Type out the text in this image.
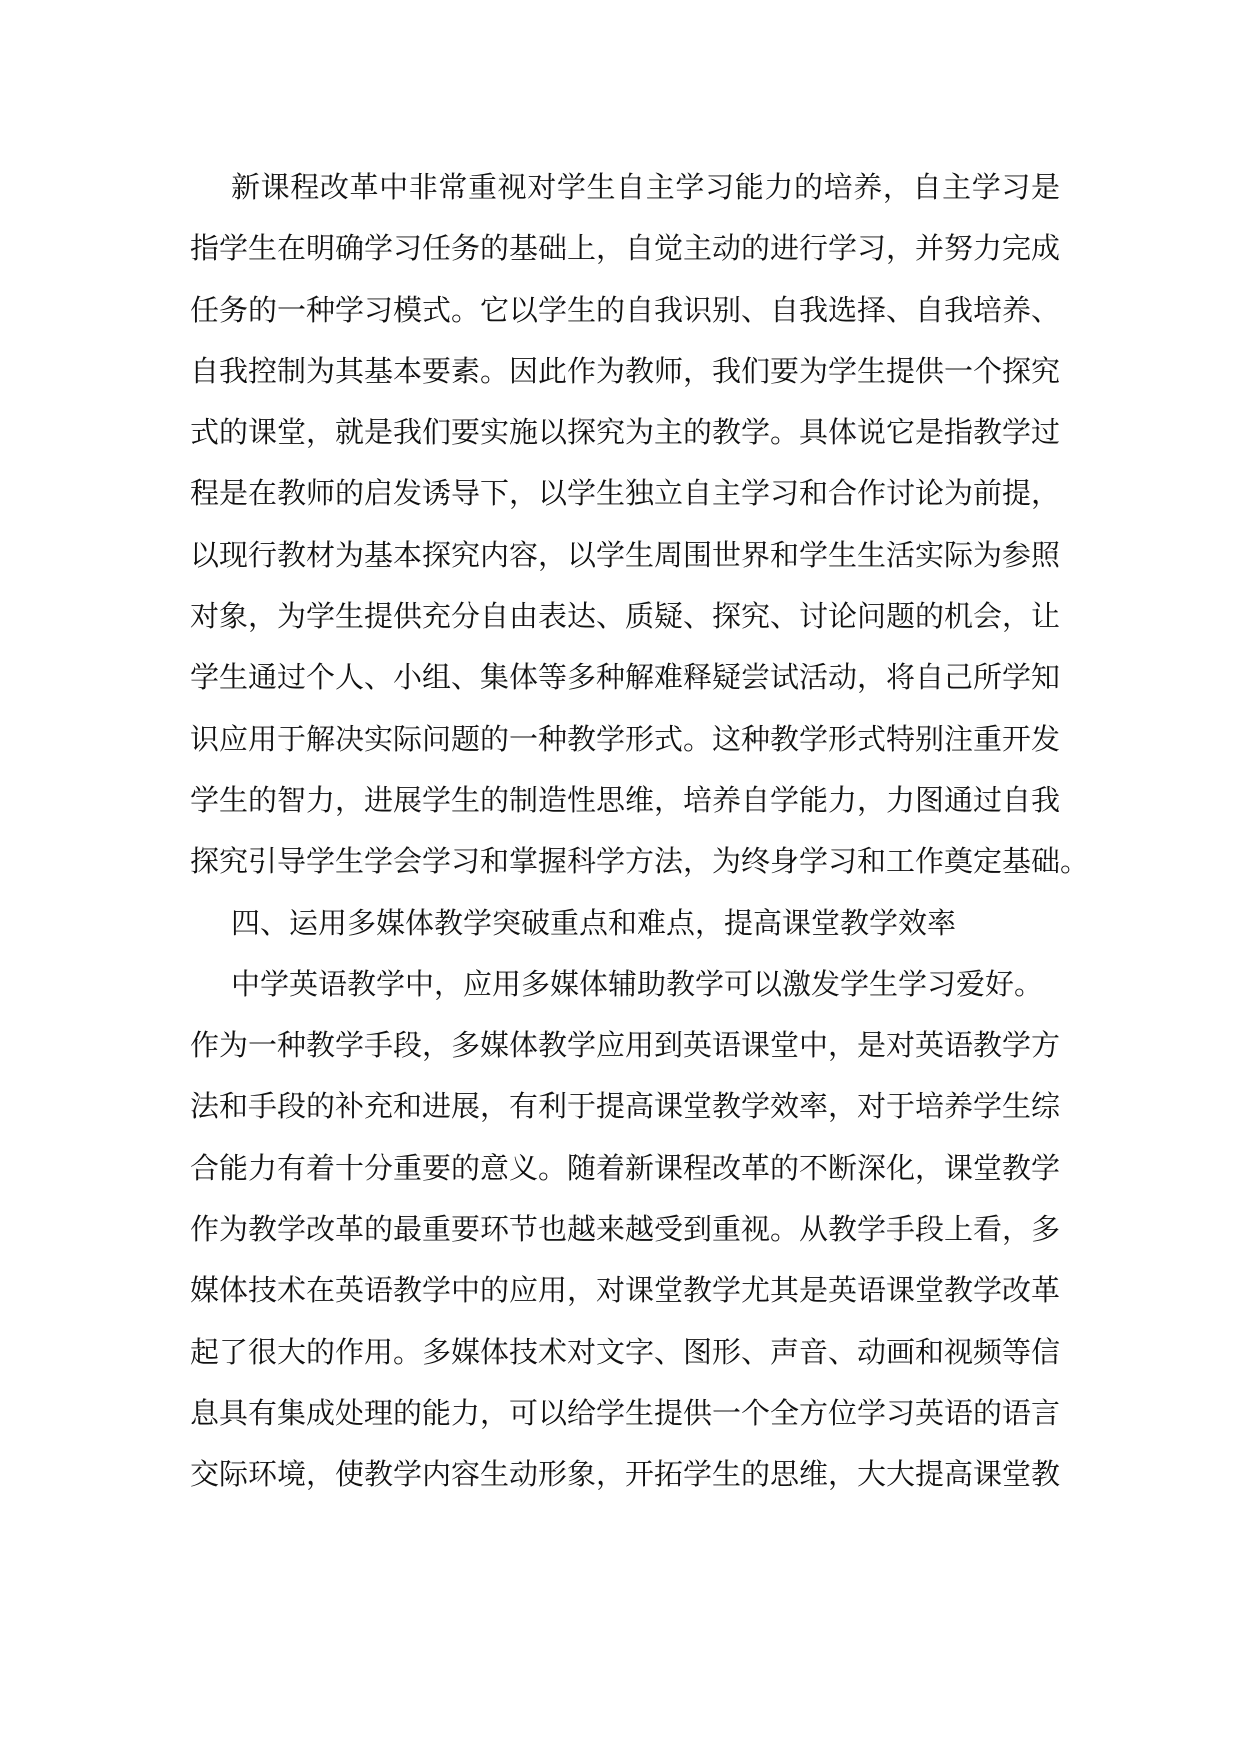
新课程改革中非常重视对学生自主学习能力的培养，自主学习是
指学生在明确学习任务的基础上，自觉主动的进行学习，并努力完成
任务的一种学习模式。它以学生的自我识别、自我选择、自我培养、
自我控制为其基本要素。因此作为教师，我们要为学生提供一个探究
式的课堂，就是我们要实施以探究为主的教学。具体说它是指教学过
程是在教师的启发诱导下，以学生独立自主学习和合作讨论为前提，
以现行教材为基本探究内容，以学生周围世界和学生生活实际为参照
对象，为学生提供充分自由表达、质疑、探究、讨论问题的机会，让
学生通过个人、小组、集体等多种解难释疑尝试活动，将自己所学知
识应用于解决实际问题的一种教学形式。这种教学形式特别注重开发
学生的智力，进展学生的制造性思维，培养自学能力，力图通过自我
探究引导学生学会学习和掌握科学方法，为终身学习和工作奠定基础。
四、运用多媒体教学突破重点和难点，提高课堂教学效率
中学英语教学中，应用多媒体辅助教学可以激发学生学习爱好。
作为一种教学手段，多媒体教学应用到英语课堂中，是对英语教学方
法和手段的补充和进展，有利于提高课堂教学效率，对于培养学生综
合能力有着十分重要的意义。随着新课程改革的不断深化，课堂教学
作为教学改革的最重要环节也越来越受到重视。从教学手段上看，多
媒体技术在英语教学中的应用，对课堂教学尤其是英语课堂教学改革
起了很大的作用。多媒体技术对文字、图形、声音、动画和视频等信
息具有集成处理的能力，可以给学生提供一个全方位学习英语的语言
交际环境，使教学内容生动形象，开拓学生的思维，大大提高课堂教
